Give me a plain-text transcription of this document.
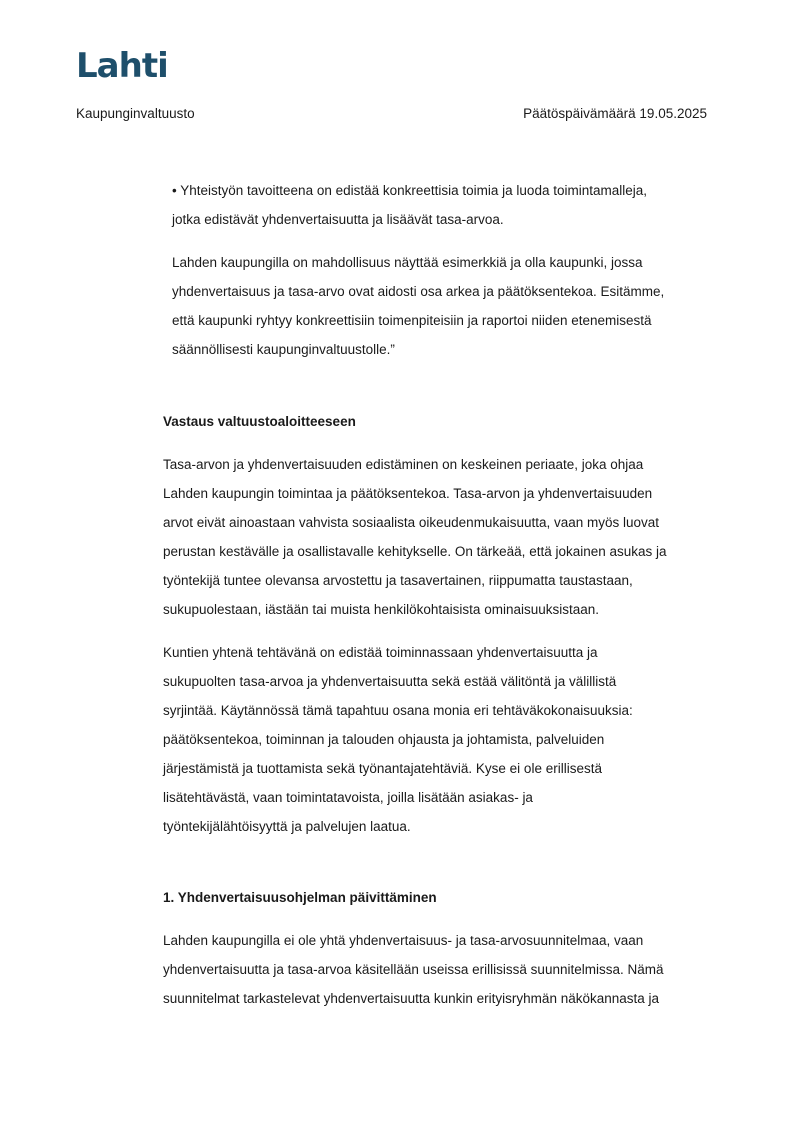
Lahti
Kaupunginvaltuusto	Päätöspäivämäärä 19.05.2025

• Yhteistyön tavoitteena on edistää konkreettisia toimia ja luoda toimintamalleja,
jotka edistävät yhdenvertaisuutta ja lisäävät tasa-arvoa.

Lahden kaupungilla on mahdollisuus näyttää esimerkkiä ja olla kaupunki, jossa
yhdenvertaisuus ja tasa-arvo ovat aidosti osa arkea ja päätöksentekoa. Esitämme,
että kaupunki ryhtyy konkreettisiin toimenpiteisiin ja raportoi niiden etenemisestä
säännöllisesti kaupunginvaltuustolle.”

Vastaus valtuustoaloitteeseen

Tasa-arvon ja yhdenvertaisuuden edistäminen on keskeinen periaate, joka ohjaa
Lahden kaupungin toimintaa ja päätöksentekoa. Tasa-arvon ja yhdenvertaisuuden
arvot eivät ainoastaan vahvista sosiaalista oikeudenmukaisuutta, vaan myös luovat
perustan kestävälle ja osallistavalle kehitykselle. On tärkeää, että jokainen asukas ja
työntekijä tuntee olevansa arvostettu ja tasavertainen, riippumatta taustastaan,
sukupuolestaan, iästään tai muista henkilökohtaisista ominaisuuksistaan.

Kuntien yhtenä tehtävänä on edistää toiminnassaan yhdenvertaisuutta ja
sukupuolten tasa-arvoa ja yhdenvertaisuutta sekä estää välitöntä ja välillistä
syrjintää. Käytännössä tämä tapahtuu osana monia eri tehtäväkokonaisuuksia:
päätöksentekoa, toiminnan ja talouden ohjausta ja johtamista, palveluiden
järjestämistä ja tuottamista sekä työnantajatehtäviä. Kyse ei ole erillisestä
lisätehtävästä, vaan toimintatavoista, joilla lisätään asiakas- ja
työntekijälähtöisyyttä ja palvelujen laatua.

1. Yhdenvertaisuusohjelman päivittäminen

Lahden kaupungilla ei ole yhtä yhdenvertaisuus- ja tasa-arvosuunnitelmaa, vaan
yhdenvertaisuutta ja tasa-arvoa käsitellään useissa erillisissä suunnitelmissa. Nämä
suunnitelmat tarkastelevat yhdenvertaisuutta kunkin erityisryhmän näkökannasta ja
